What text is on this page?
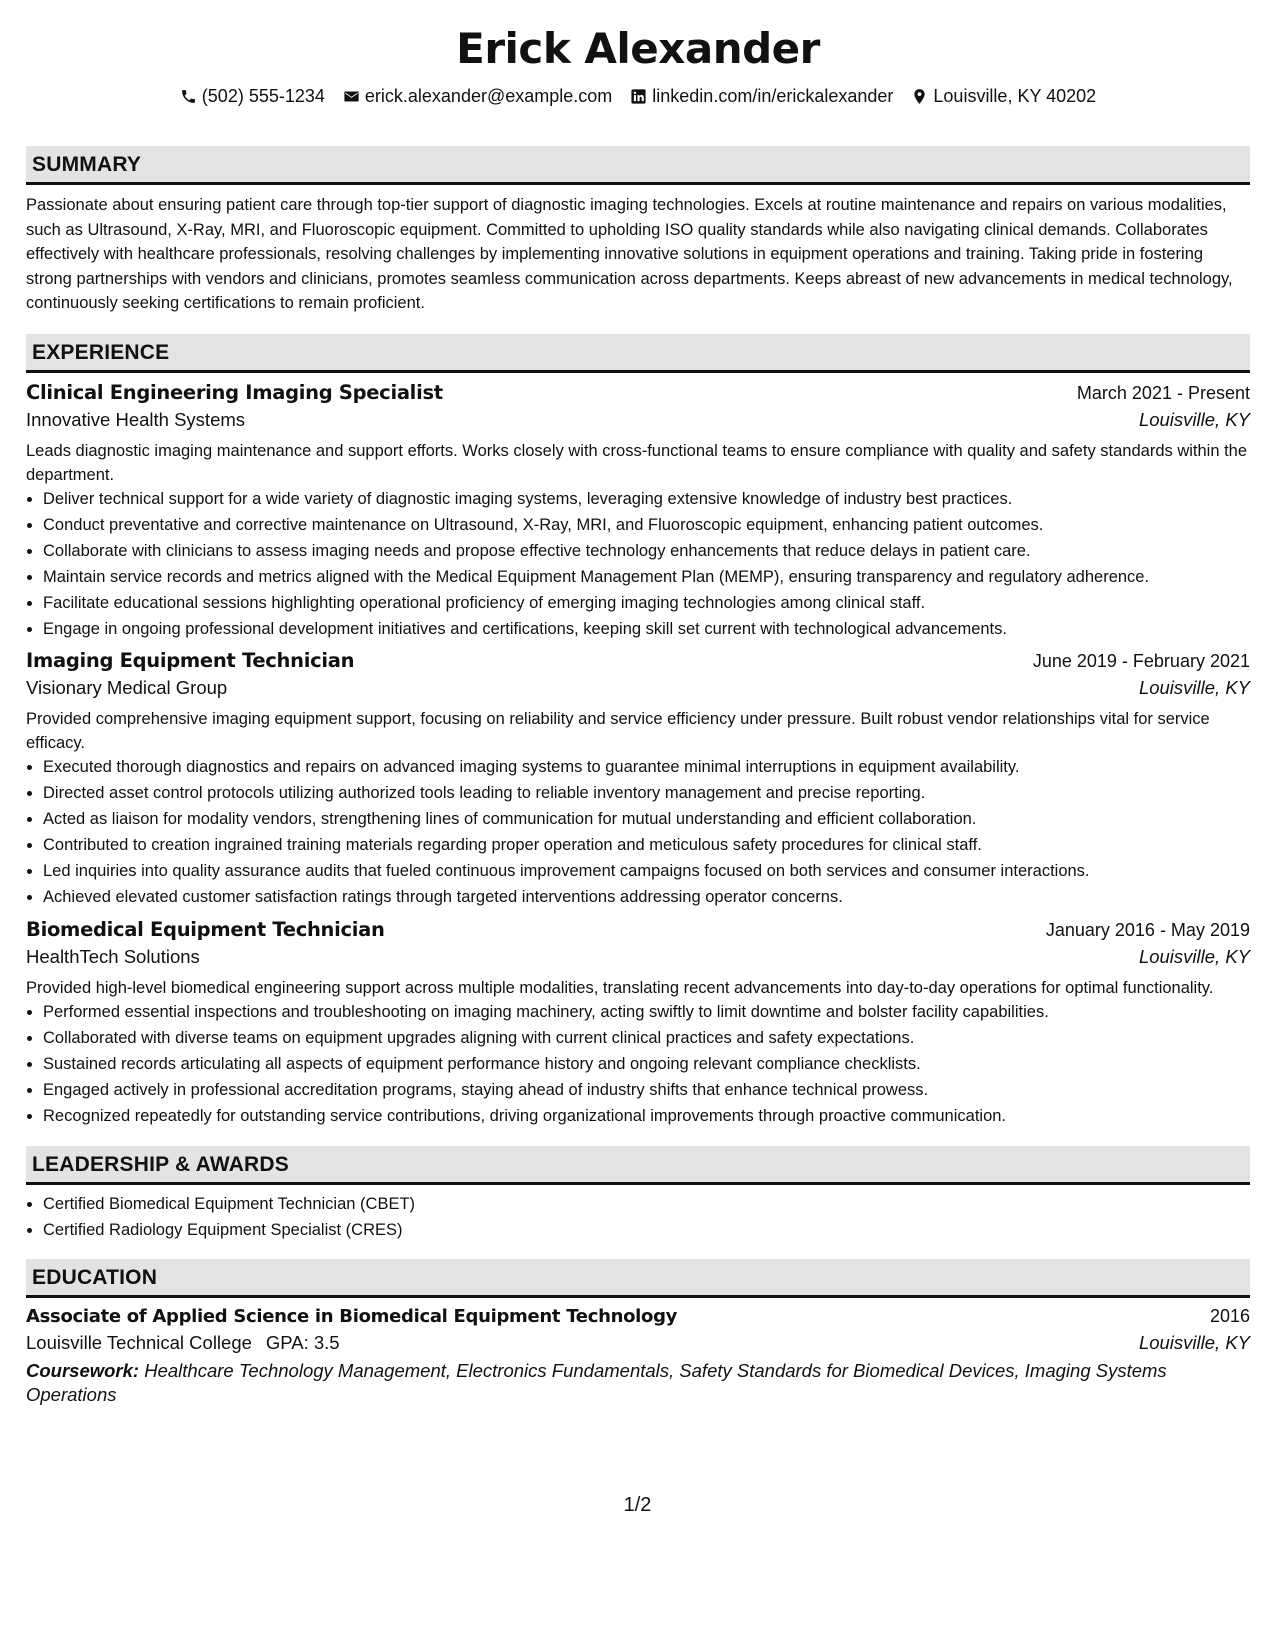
Erick Alexander
(502) 555-1234 erick.alexander@example.com linkedin.com/in/erickalexander Louisville, KY 40202
SUMMARY
Passionate about ensuring patient care through top-tier support of diagnostic imaging technologies. Excels at routine maintenance and repairs on various modalities, such as Ultrasound, X-Ray, MRI, and Fluoroscopic equipment. Committed to upholding ISO quality standards while also navigating clinical demands. Collaborates effectively with healthcare professionals, resolving challenges by implementing innovative solutions in equipment operations and training. Taking pride in fostering strong partnerships with vendors and clinicians, promotes seamless communication across departments. Keeps abreast of new advancements in medical technology, continuously seeking certifications to remain proficient.
EXPERIENCE
Clinical Engineering Imaging Specialist	March 2021 - Present
Innovative Health Systems	Louisville, KY
Leads diagnostic imaging maintenance and support efforts. Works closely with cross-functional teams to ensure compliance with quality and safety standards within the department.
• Deliver technical support for a wide variety of diagnostic imaging systems, leveraging extensive knowledge of industry best practices.
• Conduct preventative and corrective maintenance on Ultrasound, X-Ray, MRI, and Fluoroscopic equipment, enhancing patient outcomes.
• Collaborate with clinicians to assess imaging needs and propose effective technology enhancements that reduce delays in patient care.
• Maintain service records and metrics aligned with the Medical Equipment Management Plan (MEMP), ensuring transparency and regulatory adherence.
• Facilitate educational sessions highlighting operational proficiency of emerging imaging technologies among clinical staff.
• Engage in ongoing professional development initiatives and certifications, keeping skill set current with technological advancements.
Imaging Equipment Technician	June 2019 - February 2021
Visionary Medical Group	Louisville, KY
Provided comprehensive imaging equipment support, focusing on reliability and service efficiency under pressure. Built robust vendor relationships vital for service efficacy.
• Executed thorough diagnostics and repairs on advanced imaging systems to guarantee minimal interruptions in equipment availability.
• Directed asset control protocols utilizing authorized tools leading to reliable inventory management and precise reporting.
• Acted as liaison for modality vendors, strengthening lines of communication for mutual understanding and efficient collaboration.
• Contributed to creation ingrained training materials regarding proper operation and meticulous safety procedures for clinical staff.
• Led inquiries into quality assurance audits that fueled continuous improvement campaigns focused on both services and consumer interactions.
• Achieved elevated customer satisfaction ratings through targeted interventions addressing operator concerns.
Biomedical Equipment Technician	January 2016 - May 2019
HealthTech Solutions	Louisville, KY
Provided high-level biomedical engineering support across multiple modalities, translating recent advancements into day-to-day operations for optimal functionality.
• Performed essential inspections and troubleshooting on imaging machinery, acting swiftly to limit downtime and bolster facility capabilities.
• Collaborated with diverse teams on equipment upgrades aligning with current clinical practices and safety expectations.
• Sustained records articulating all aspects of equipment performance history and ongoing relevant compliance checklists.
• Engaged actively in professional accreditation programs, staying ahead of industry shifts that enhance technical prowess.
• Recognized repeatedly for outstanding service contributions, driving organizational improvements through proactive communication.
LEADERSHIP & AWARDS
• Certified Biomedical Equipment Technician (CBET)
• Certified Radiology Equipment Specialist (CRES)
EDUCATION
Associate of Applied Science in Biomedical Equipment Technology	2016
Louisville Technical College GPA: 3.5	Louisville, KY
Coursework: Healthcare Technology Management, Electronics Fundamentals, Safety Standards for Biomedical Devices, Imaging Systems Operations
1/2
